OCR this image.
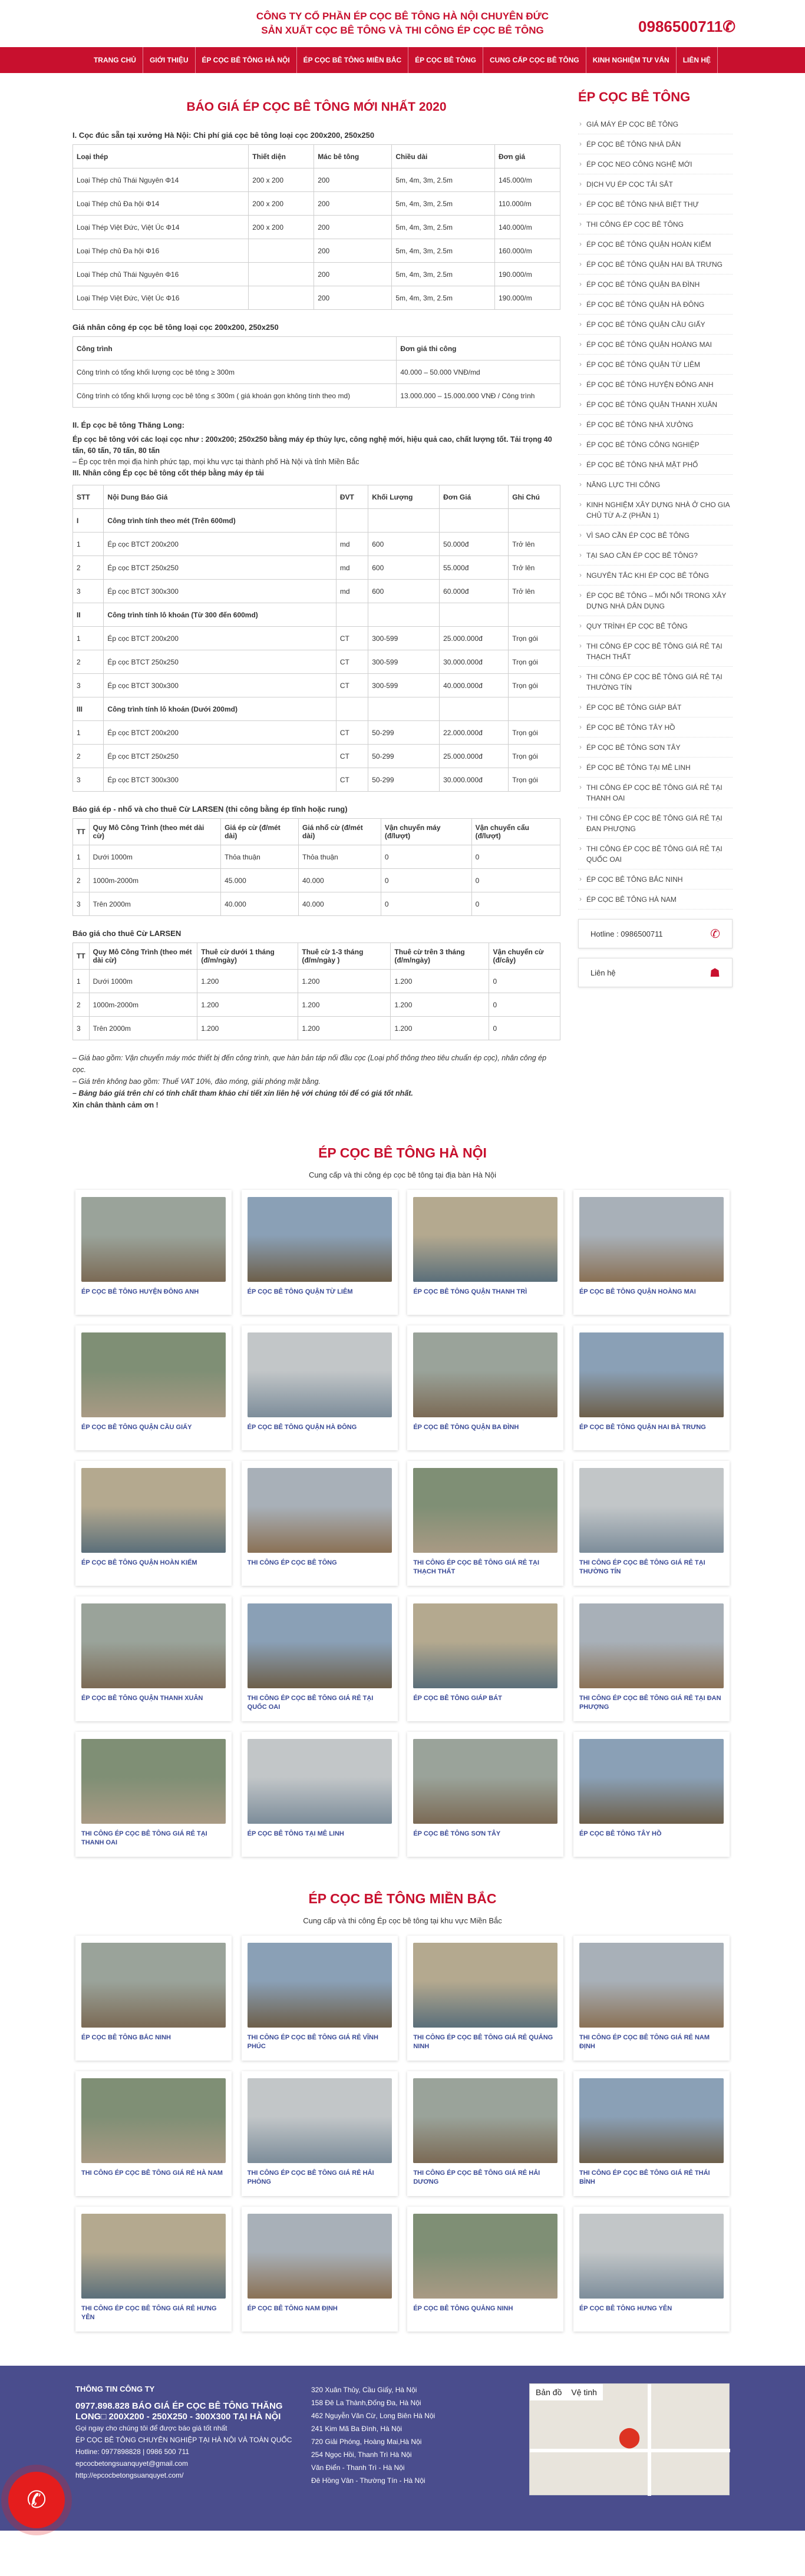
CÔNG TY CỔ PHẦN ÉP CỌC BÊ TÔNG HÀ NỘI CHUYÊN ĐỨC
SẢN XUẤT CỌC BÊ TÔNG VÀ THI CÔNG ÉP CỌC BÊ TÔNG	0986500711✆
TRANG CHỦ	GIỚI THIỆU	ÉP CỌC BÊ TÔNG HÀ NỘI	ÉP CỌC BÊ TÔNG MIỀN BẮC	ÉP CỌC BÊ TÔNG	CUNG CẤP CỌC BÊ TÔNG	KINH NGHIỆM TƯ VẤN	LIÊN HỆ
BÁO GIÁ ÉP CỌC BÊ TÔNG MỚI NHẤT 2020
I. Cọc đúc sẵn tại xưởng Hà Nội: Chi phí giá cọc bê tông loại cọc 200x200, 250x250
Loại thép	Thiết diện	Mác bê tông	Chiều dài	Đơn giá
Loại Thép chủ Thái Nguyên Φ14	200 x 200	200	5m, 4m, 3m, 2.5m	145.000/m
Loại Thép chủ Đa hội Φ14	200 x 200	200	5m, 4m, 3m, 2.5m	110.000/m
Loại Thép Việt Đức, Việt Úc Φ14	200 x 200	200	5m, 4m, 3m, 2.5m	140.000/m
Loại Thép chủ Đa hội Φ16		200	5m, 4m, 3m, 2.5m	160.000/m
Loại Thép chủ Thái Nguyên Φ16		200	5m, 4m, 3m, 2.5m	190.000/m
Loại Thép Việt Đức, Việt Úc Φ16		200	5m, 4m, 3m, 2.5m	190.000/m
Giá nhân công ép cọc bê tông loại cọc 200x200, 250x250
Công trình	Đơn giá thi công
Công trình có tổng khối lượng cọc bê tông ≥ 300m	40.000 – 50.000 VNĐ/md
Công trình có tổng khối lượng cọc bê tông ≤ 300m ( giá khoán gọn không tính theo md)	13.000.000 – 15.000.000 VNĐ / Công trình
II. Ép cọc bê tông Thăng Long:

Ép cọc bê tông với các loại cọc như : 200x200; 250x250 bằng máy ép thủy lực, công nghệ mới, hiệu quả cao, chất lượng tốt. Tải trọng 40 tấn, 60 tấn, 70 tấn, 80 tấn

– Ép cọc trên mọi địa hình phức tạp, mọi khu vực tại thành phố Hà Nội và tỉnh Miền Bắc

III. Nhân công Ép cọc bê tông cốt thép bằng máy ép tải

STT	Nội Dung Báo Giá	ĐVT	Khối Lượng	Đơn Giá	Ghi Chú
I	Công trình tính theo mét (Trên 600md)				
1	Ép cọc BTCT 200x200	md	600	50.000đ	Trở lên
2	Ép cọc BTCT 250x250	md	600	55.000đ	Trở lên
3	Ép cọc BTCT 300x300	md	600	60.000đ	Trở lên
II	Công trình tính lô khoán (Từ 300 đến 600md)				
1	Ép cọc BTCT 200x200	CT	300-599	25.000.000đ	Trọn gói
2	Ép cọc BTCT 250x250	CT	300-599	30.000.000đ	Trọn gói
3	Ép cọc BTCT 300x300	CT	300-599	40.000.000đ	Trọn gói
III	Công trình tính lô khoán (Dưới 200md)				
1	Ép cọc BTCT 200x200	CT	50-299	22.000.000đ	Trọn gói
2	Ép cọc BTCT 250x250	CT	50-299	25.000.000đ	Trọn gói
3	Ép cọc BTCT 300x300	CT	50-299	30.000.000đ	Trọn gói
Báo giá ép - nhổ và cho thuê Cừ LARSEN (thi công bằng ép tĩnh hoặc rung)
TT	Quy Mô Công Trình (theo mét dài cừ)	Giá ép cừ (đ/mét dài)	Giá nhổ cừ (đ/mét dài)	Vận chuyển máy (đ/lượt)	Vận chuyển cẩu (đ/lượt)
1	Dưới 1000m	Thỏa thuận	Thỏa thuận	0	0
2	1000m-2000m	45.000	40.000	0	0
3	Trên 2000m	40.000	40.000	0	0
Báo giá cho thuê Cừ LARSEN
TT	Quy Mô Công Trình (theo mét dài cừ)	Thuê cừ dưới 1 tháng (đ/m/ngày)	Thuê cừ 1-3 tháng (đ/m/ngày )	Thuê cừ trên 3 tháng (đ/m/ngày)	Vận chuyển cừ (đ/cây)
1	Dưới 1000m	1.200	1.200	1.200	0
2	1000m-2000m	1.200	1.200	1.200	0
3	Trên 2000m	1.200	1.200	1.200	0
– Giá bao gồm: Vận chuyển máy móc thiết bị đến công trình, que hàn bản táp nối đầu cọc (Loại phổ thông theo tiêu chuẩn ép cọc), nhân công ép cọc.
– Giá trên không bao gồm: Thuế VAT 10%, đào móng, giải phóng mặt bằng.
– Bảng báo giá trên chỉ có tính chất tham khảo chi tiết xin liên hệ với chúng tôi để có giá tốt nhất.
Xin chân thành cảm ơn !
ÉP CỌC BÊ TÔNG
› GIÁ MÁY ÉP CỌC BÊ TÔNG
› ÉP CỌC BÊ TÔNG NHÀ DÂN
› ÉP CỌC NEO CÔNG NGHỆ MỚI
› DỊCH VỤ ÉP CỌC TẢI SẮT
› ÉP CỌC BÊ TÔNG NHÀ BIỆT THỰ
› THI CÔNG ÉP CỌC BÊ TÔNG
› ÉP CỌC BÊ TÔNG QUẬN HOÀN KIẾM
› ÉP CỌC BÊ TÔNG QUẬN HAI BÀ TRƯNG
› ÉP CỌC BÊ TÔNG QUẬN BA ĐÌNH
› ÉP CỌC BÊ TÔNG QUẬN HÀ ĐÔNG
› ÉP CỌC BÊ TÔNG QUẬN CẦU GIẤY
› ÉP CỌC BÊ TÔNG QUẬN HOÀNG MAI
› ÉP CỌC BÊ TÔNG QUẬN TỪ LIÊM
› ÉP CỌC BÊ TÔNG HUYỆN ĐÔNG ANH
› ÉP CỌC BÊ TÔNG QUẬN THANH XUÂN
› ÉP CỌC BÊ TÔNG NHÀ XƯỞNG
› ÉP CỌC BÊ TÔNG CÔNG NGHIỆP
› ÉP CỌC BÊ TÔNG NHÀ MẶT PHỐ
› NĂNG LỰC THI CÔNG
› KINH NGHIỆM XÂY DỰNG NHÀ Ở CHO GIA CHỦ TỪ A-Z (PHẦN 1)
› VÌ SAO CẦN ÉP CỌC BÊ TÔNG
› TẠI SAO CẦN ÉP CỌC BÊ TÔNG?
› NGUYÊN TẮC KHI ÉP CỌC BÊ TÔNG
› ÉP CỌC BÊ TÔNG – MỐI NỐI TRONG XÂY DỰNG NHÀ DÂN DỤNG
› QUY TRÌNH ÉP CỌC BÊ TÔNG
› THI CÔNG ÉP CỌC BÊ TÔNG GIÁ RẺ TẠI THẠCH THẤT
› THI CÔNG ÉP CỌC BÊ TÔNG GIÁ RẺ TẠI THƯỜNG TÍN
› ÉP CỌC BÊ TÔNG GIÁP BÁT
› ÉP CỌC BÊ TÔNG TÂY HỒ
› ÉP CỌC BÊ TÔNG SƠN TÂY
› ÉP CỌC BÊ TÔNG TẠI MÊ LINH
› THI CÔNG ÉP CỌC BÊ TÔNG GIÁ RẺ TẠI THANH OAI
› THI CÔNG ÉP CỌC BÊ TÔNG GIÁ RẺ TẠI ĐAN PHƯỢNG
› THI CÔNG ÉP CỌC BÊ TÔNG GIÁ RẺ TẠI QUỐC OAI
› ÉP CỌC BÊ TÔNG BẮC NINH
› ÉP CỌC BÊ TÔNG HÀ NAM
Hotline : 0986500711	✆
Liên hệ	☗
ÉP CỌC BÊ TÔNG HÀ NỘI
Cung cấp và thi công ép cọc bê tông tại địa bàn Hà Nội
ÉP CỌC BÊ TÔNG HUYỆN ĐÔNG ANH	ÉP CỌC BÊ TÔNG QUẬN TỪ LIÊM	ÉP CỌC BÊ TÔNG QUẬN THANH TRÌ	ÉP CỌC BÊ TÔNG QUẬN HOÀNG MAI
ÉP CỌC BÊ TÔNG QUẬN CẦU GIẤY	ÉP CỌC BÊ TÔNG QUẬN HÀ ĐÔNG	ÉP CỌC BÊ TÔNG QUẬN BA ĐÌNH	ÉP CỌC BÊ TÔNG QUẬN HAI BÀ TRƯNG
ÉP CỌC BÊ TÔNG QUẬN HOÀN KIẾM	THI CÔNG ÉP CỌC BÊ TÔNG	THI CÔNG ÉP CỌC BÊ TÔNG GIÁ RẺ TẠI THẠCH THẤT
THI CÔNG ÉP CỌC BÊ TÔNG GIÁ RẺ TẠI THƯỜNG TÍN
ÉP CỌC BÊ TÔNG QUẬN THANH XUÂN	THI CÔNG ÉP CỌC BÊ TÔNG GIÁ RẺ TẠI QUỐC OAI
ÉP CỌC BÊ TÔNG GIÁP BÁT	THI CÔNG ÉP CỌC BÊ TÔNG GIÁ RẺ TẠI ĐAN PHƯỢNG
THI CÔNG ÉP CỌC BÊ TÔNG GIÁ RẺ TẠI THANH OAI
ÉP CỌC BÊ TÔNG TẠI MÊ LINH	ÉP CỌC BÊ TÔNG SƠN TÂY	ÉP CỌC BÊ TÔNG TÂY HỒ
ÉP CỌC BÊ TÔNG MIỀN BẮC
Cung cấp và thi công Ép cọc bê tông tại khu vực Miền Bắc
ÉP CỌC BÊ TÔNG BẮC NINH	THI CÔNG ÉP CỌC BÊ TÔNG GIÁ RẺ VĨNH PHÚC
THI CÔNG ÉP CỌC BÊ TÔNG GIÁ RẺ QUẢNG NINH
THI CÔNG ÉP CỌC BÊ TÔNG GIÁ RẺ NAM ĐỊNH
THI CÔNG ÉP CỌC BÊ TÔNG GIÁ RẺ HÀ NAM	THI CÔNG ÉP CỌC BÊ TÔNG GIÁ RẺ HẢI PHÒNG
THI CÔNG ÉP CỌC BÊ TÔNG GIÁ RẺ HẢI DƯƠNG
THI CÔNG ÉP CỌC BÊ TÔNG GIÁ RẺ THÁI BÌNH
THI CÔNG ÉP CỌC BÊ TÔNG GIÁ RẺ HƯNG YÊN
ÉP CỌC BÊ TÔNG NAM ĐỊNH	ÉP CỌC BÊ TÔNG QUẢNG NINH	ÉP CỌC BÊ TÔNG HƯNG YÊN
THÔNG TIN CÔNG TY
0977.898.828 BÁO GIÁ ÉP CỌC BÊ TÔNG THĂNG LONG□ 200X200 - 250X250 - 300X300 TẠI HÀ NỘI
Gọi ngay cho chúng tôi để được báo giá tốt nhất
ÉP CỌC BÊ TÔNG CHUYÊN NGHIỆP TẠI HÀ NỘI VÀ TOÀN QUỐC
Hotline: 0977898828 | 0986 500 711
epcocbetongsuanquyet@gmail.com
http://epcocbetongsuanquyet.com/
320 Xuân Thủy, Cầu Giấy, Hà Nội
158 Đê La Thành,Đống Đa, Hà Nội
462 Nguyễn Văn Cừ, Long Biên Hà Nội
241 Kim Mã Ba Đình, Hà Nội
720 Giải Phóng, Hoàng Mai,Hà Nội
254 Ngọc Hồi, Thanh Trì Hà Nội
Văn Điển - Thanh Trì - Hà Nội
Đê Hồng Vân - Thường Tín - Hà Nội
Bản đồ Vệ tinh
⬤
✆
